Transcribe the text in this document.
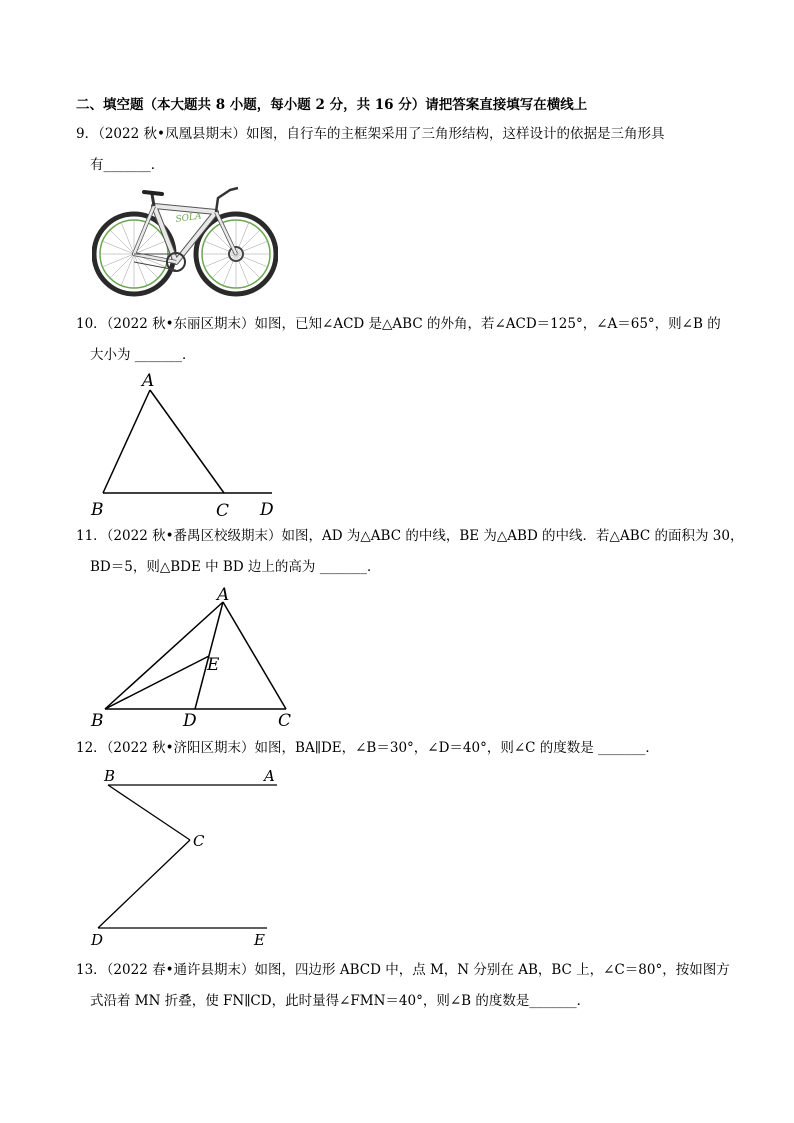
二、填空题（本大题共 8 小题，每小题 2 分，共 16 分）请把答案直接填写在横线上
9．（2022 秋•凤凰县期末）如图，自行车的主框架采用了三角形结构，这样设计的依据是三角形具
有_______．
SOLA
10．（2022 秋•东丽区期末）如图，已知∠ACD 是△ABC 的外角，若∠ACD＝125°，∠A＝65°，则∠B 的
大小为 _______．
A
B	C D
11．（2022 秋•番禺区校级期末）如图，AD 为△ABC 的中线，BE 为△ABD 的中线．若△ABC 的面积为 30，
BD＝5，则△BDE 中 BD 边上的高为 _______．
A
E
B	D	C
12．（2022 秋•济阳区期末）如图，BA∥DE，∠B＝30°，∠D＝40°，则∠C 的度数是 _______．
B	A
C
D	E
13．（2022 春•通许县期末）如图，四边形 ABCD 中，点 M，N 分别在 AB，BC 上，∠C＝80°，按如图方
式沿着 MN 折叠，使 FN∥CD，此时量得∠FMN＝40°，则∠B 的度数是_______．
